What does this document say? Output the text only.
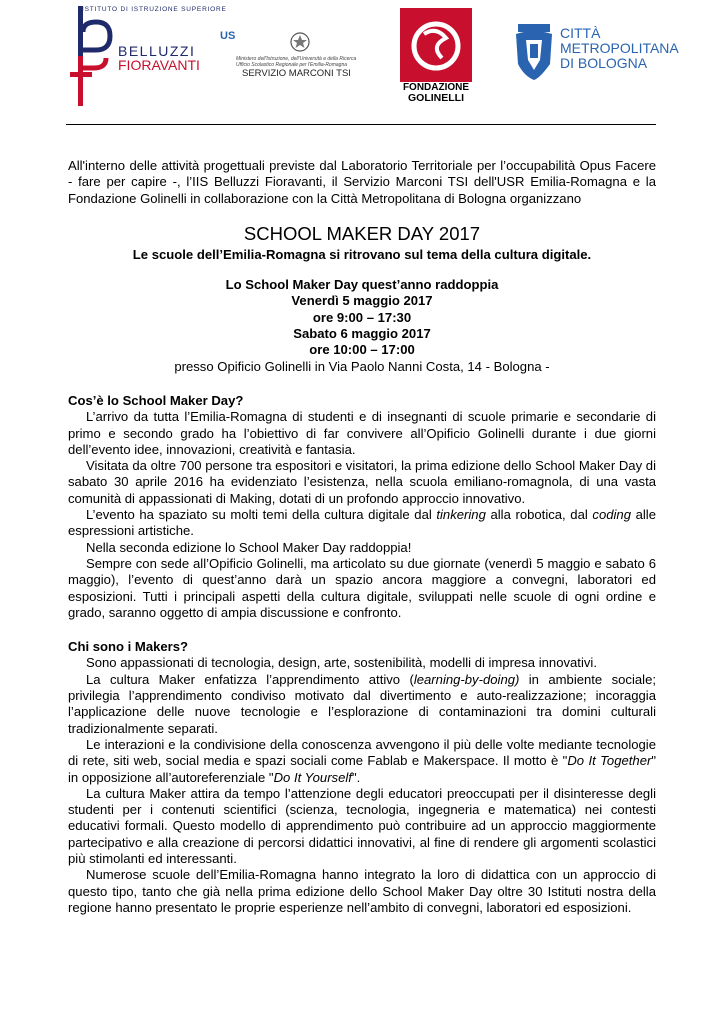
ISTITUTO DI ISTRUZIONE SUPERIORE
BELLUZZI
FIORAVANTI
US
Ministero dell'Istruzione, dell'Università e della Ricerca
Ufficio Scolastico Regionale per l'Emilia-Romagna
SERVIZIO MARCONI TSI
FONDAZIONE
GOLINELLI
CITTÀ
METROPOLITANA
DI BOLOGNA

All'interno delle attività progettuali previste dal Laboratorio Territoriale per l’occupabilità Opus Facere - fare per capire -, l’IIS Belluzzi Fioravanti, il Servizio Marconi TSI dell'USR Emilia-Romagna e la Fondazione Golinelli in collaborazione con la Città Metropolitana di Bologna organizzano

SCHOOL MAKER DAY 2017

Le scuole dell’Emilia-Romagna si ritrovano sul tema della cultura digitale.

Lo School Maker Day quest’anno raddoppia

Venerdì 5 maggio 2017

ore 9:00 – 17:30

Sabato 6 maggio 2017

ore 10:00 – 17:00

presso Opificio Golinelli in Via Paolo Nanni Costa, 14 - Bologna -

Cos’è lo School Maker Day?

L’arrivo da tutta l’Emilia-Romagna di studenti e di insegnanti di scuole primarie e secondarie di primo e secondo grado ha l’obiettivo di far convivere all’Opificio Golinelli durante i due giorni dell’evento idee, innovazioni, creatività e fantasia.

Visitata da oltre 700 persone tra espositori e visitatori, la prima edizione dello School Maker Day di sabato 30 aprile 2016 ha evidenziato l’esistenza, nella scuola emiliano-romagnola, di una vasta comunità di appassionati di Making, dotati di un profondo approccio innovativo.

L’evento ha spaziato su molti temi della cultura digitale dal tinkering alla robotica, dal coding alle espressioni artistiche.

Nella seconda edizione lo School Maker Day raddoppia!

Sempre con sede all’Opificio Golinelli, ma articolato su due giornate (venerdì 5 maggio e sabato 6 maggio), l’evento di quest’anno darà un spazio ancora maggiore a convegni, laboratori ed esposizioni. Tutti i principali aspetti della cultura digitale, sviluppati nelle scuole di ogni ordine e grado, saranno oggetto di ampia discussione e confronto.

Chi sono i Makers?

Sono appassionati di tecnologia, design, arte, sostenibilità, modelli di impresa innovativi.

La cultura Maker enfatizza l’apprendimento attivo (learning-by-doing) in ambiente sociale; privilegia l’apprendimento condiviso motivato dal divertimento e auto-realizzazione; incoraggia l’applicazione delle nuove tecnologie e l’esplorazione di contaminazioni tra domini culturali tradizionalmente separati.

Le interazioni e la condivisione della conoscenza avvengono il più delle volte mediante tecnologie di rete, siti web, social media e spazi sociali come Fablab e Makerspace. Il motto è "Do It Together" in opposizione all’autoreferenziale "Do It Yourself".

La cultura Maker attira da tempo l’attenzione degli educatori preoccupati per il disinteresse degli studenti per i contenuti scientifici (scienza, tecnologia, ingegneria e matematica) nei contesti educativi formali. Questo modello di apprendimento può contribuire ad un approccio maggiormente partecipativo e alla creazione di percorsi didattici innovativi, al fine di rendere gli argomenti scolastici più stimolanti ed interessanti.

Numerose scuole dell’Emilia-Romagna hanno integrato la loro di didattica con un approccio di questo tipo, tanto che già nella prima edizione dello School Maker Day oltre 30 Istituti nostra della regione hanno presentato le proprie esperienze nell’ambito di convegni, laboratori ed esposizioni.
